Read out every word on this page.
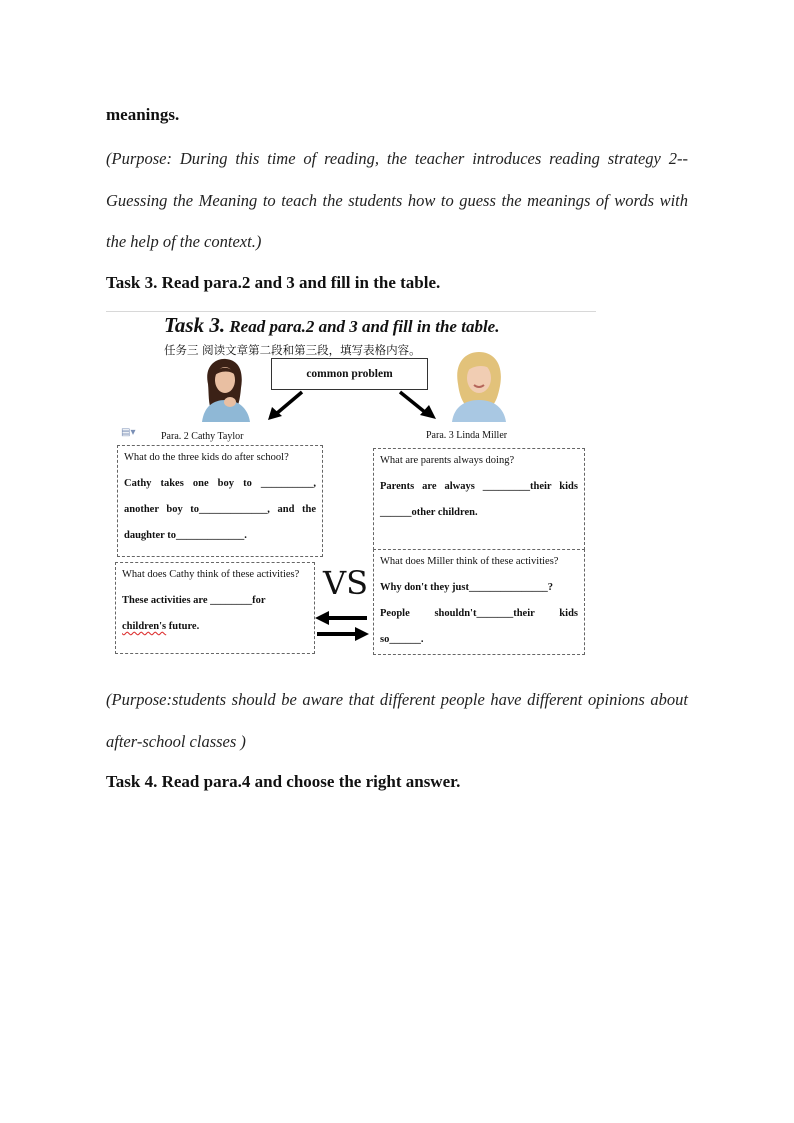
meanings.
(Purpose: During this time of reading, the teacher introduces reading strategy 2-- Guessing the Meaning to teach the students how to guess the meanings of words with the help of the context.)
Task 3. Read para.2 and 3 and fill in the table.
Task 3. Read para.2 and 3 and fill in the table.
任务三 阅读文章第二段和第三段，填写表格内容。
common problem
▤▾	Para. 2 Cathy Taylor	Para. 3 Linda Miller
What do the three kids do after school?
Cathy takes one boy to __________,
another boy to_____________, and the
daughter to_____________.
What are parents always doing?
Parents are always _________their kids
______other children.
What does Cathy think of these activities?
These activities are ________for
children's future.
VS
What does Miller think of these activities?
Why don't they just_______________?
People shouldn't_______their kids
so______.
(Purpose:students should be aware that different people have different opinions about after-school classes )
Task 4. Read para.4 and choose the right answer.
